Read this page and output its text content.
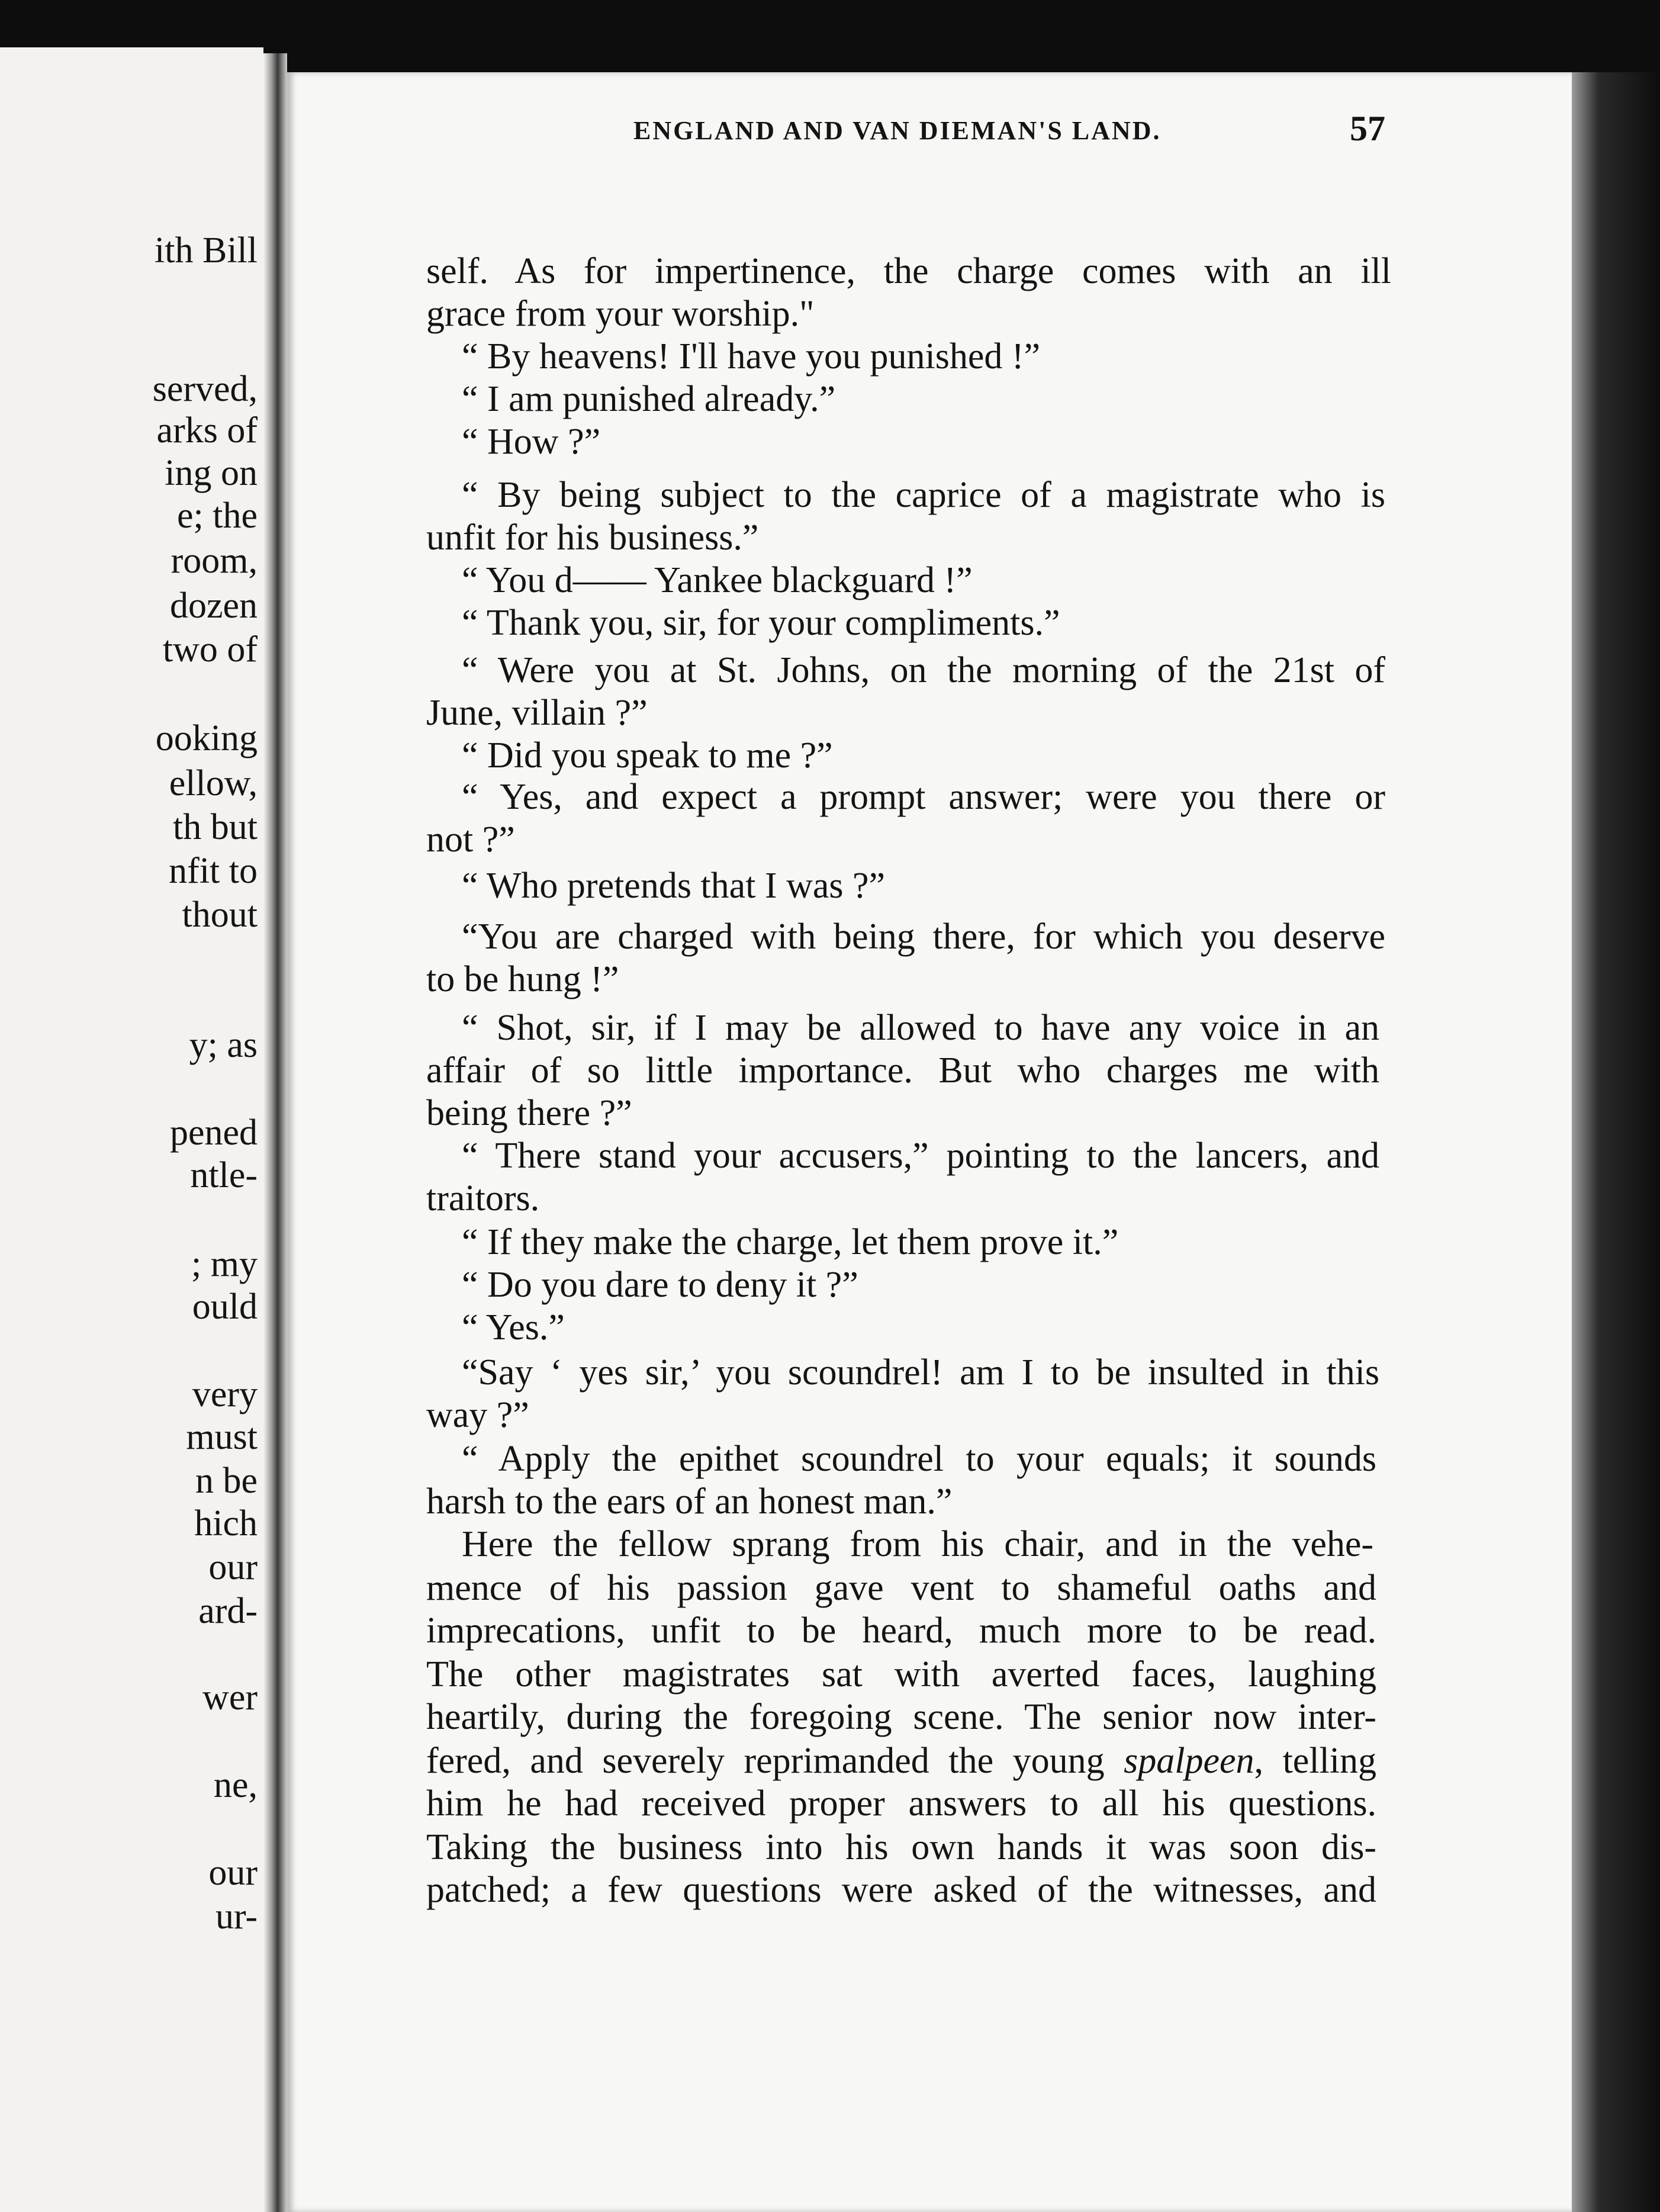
ith Bill
served,
arks of
ing on
e; the
room,
dozen
two of
ooking
ellow,
th but
nfit to
thout
y; as
pened
ntle-
; my
ould
very
must
n be
hich
our
ard-
wer
ne,
our
ur-
ENGLAND AND VAN DIEMAN'S LAND.	57
self. As for impertinence, the charge comes with an ill
grace from your worship."
“ By heavens! I'll have you punished !”
“ I am punished already.”
“ How ?”
“ By being subject to the caprice of a magistrate who is
unfit for his business.”
“ You d—— Yankee blackguard !”
“ Thank you, sir, for your compliments.”
“ Were you at St. Johns, on the morning of the 21st of
June, villain ?”
“ Did you speak to me ?”
“ Yes, and expect a prompt answer; were you there or
not ?”
“ Who pretends that I was ?”
“You are charged with being there, for which you deserve
to be hung !”
“ Shot, sir, if I may be allowed to have any voice in an
affair of so little importance. But who charges me with
being there ?”
“ There stand your accusers,” pointing to the lancers, and
traitors.
“ If they make the charge, let them prove it.”
“ Do you dare to deny it ?”
“ Yes.”
“Say ‘ yes sir,’ you scoundrel! am I to be insulted in this
way ?”
“ Apply the epithet scoundrel to your equals; it sounds
harsh to the ears of an honest man.”
Here the fellow sprang from his chair, and in the vehe-
mence of his passion gave vent to shameful oaths and
imprecations, unfit to be heard, much more to be read.
The other magistrates sat with averted faces, laughing
heartily, during the foregoing scene. The senior now inter-
fered, and severely reprimanded the young spalpeen, telling
him he had received proper answers to all his questions.
Taking the business into his own hands it was soon dis-
patched; a few questions were asked of the witnesses, and
